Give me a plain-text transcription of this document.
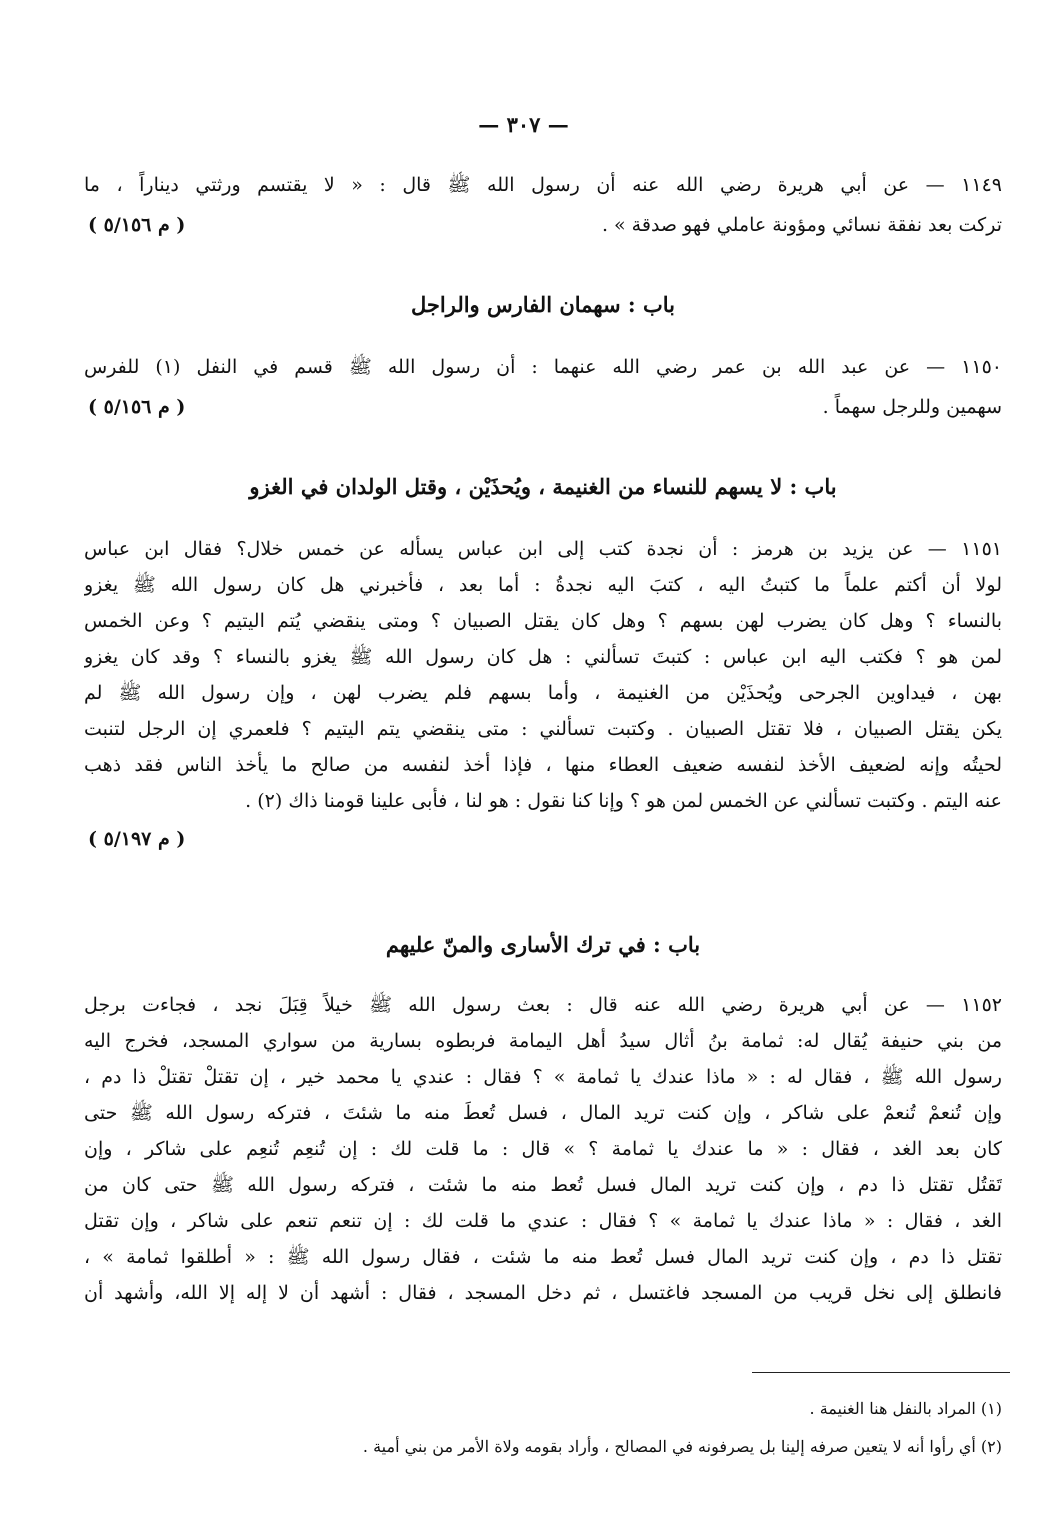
— ٣٠٧ —
١١٤٩ — عن أبي هريرة رضي الله عنه أن رسول الله ﷺ قال : « لا يقتسم ورثتي ديناراً ، ما
تركت بعد نفقة نسائي ومؤونة عاملي فهو صدقة » .
( م ٥/١٥٦ )
باب : سهمان الفارس والراجل
١١٥٠ — عن عبد الله بن عمر رضي الله عنهما : أن رسول الله ﷺ قسم في النفل (١) للفرس
سهمين وللرجل سهماً .
( م ٥/١٥٦ )
باب : لا يسهم للنساء من الغنيمة ، ويُحذَيْن ، وقتل الولدان في الغزو
١١٥١ — عن يزيد بن هرمز : أن نجدة كتب إلى ابن عباس يسأله عن خمس خلال؟ فقال ابن عباس
لولا أن أكتم علماً ما كتبتُ اليه ، كتبَ اليه نجدةُ : أما بعد ، فأخبرني هل كان رسول الله ﷺ يغزو
بالنساء ؟ وهل كان يضرب لهن بسهم ؟ وهل كان يقتل الصبيان ؟ ومتى ينقضي يُتم اليتيم ؟ وعن الخمس
لمن هو ؟ فكتب اليه ابن عباس : كتبتَ تسألني : هل كان رسول الله ﷺ يغزو بالنساء ؟ وقد كان يغزو
بهن ، فيداوين الجرحى ويُحذَيْن من الغنيمة ، وأما بسهم فلم يضرب لهن ، وإن رسول الله ﷺ لم
يكن يقتل الصبيان ، فلا تقتل الصبيان . وكتبت تسألني : متى ينقضي يتم اليتيم ؟ فلعمري إن الرجل لتنبت
لحيتُه وإنه لضعيف الأخذ لنفسه ضعيف العطاء منها ، فإذا أخذ لنفسه من صالح ما يأخذ الناس فقد ذهب
عنه اليتم . وكتبت تسألني عن الخمس لمن هو ؟ وإنا كنا نقول : هو لنا ، فأبى علينا قومنا ذاك (٢) .
( م ٥/١٩٧ )
باب : في ترك الأسارى والمنّ عليهم
١١٥٢ — عن أبي هريرة رضي الله عنه قال : بعث رسول الله ﷺ خيلاً قِبَلَ نجد ، فجاءت برجل
من بني حنيفة يُقال له: ثمامة بنُ أثال سيدُ أهل اليمامة فربطوه بسارية من سواري المسجد، فخرج اليه
رسول الله ﷺ ، فقال له : « ماذا عندك يا ثمامة » ؟ فقال : عندي يا محمد خير ، إن تقتلْ تقتلْ ذا دم ،
وإن تُنعمْ تُنعمْ على شاكر ، وإن كنت تريد المال ، فسل تُعطَ منه ما شئتَ ، فتركه رسول الله ﷺ حتى
كان بعد الغد ، فقال : « ما عندك يا ثمامة ؟ » قال : ما قلت لك : إن تُنعِم تُنعِم على شاكر ، وإن
تَقتُل تقتل ذا دم ، وإن كنت تريد المال فسل تُعط منه ما شئت ، فتركه رسول الله ﷺ حتى كان من
الغد ، فقال : « ماذا عندك يا ثمامة » ؟ فقال : عندي ما قلت لك : إن تنعم تنعم على شاكر ، وإن تقتل
تقتل ذا دم ، وإن كنت تريد المال فسل تُعط منه ما شئت ، فقال رسول الله ﷺ : « أطلقوا ثمامة » ،
فانطلق إلى نخل قريب من المسجد فاغتسل ، ثم دخل المسجد ، فقال : أشهد أن لا إله إلا الله، وأشهد أن
(١) المراد بالنفل هنا الغنيمة .
(٢) أي رأوا أنه لا يتعين صرفه إلينا بل يصرفونه في المصالح ، وأراد بقومه ولاة الأمر من بني أمية .
